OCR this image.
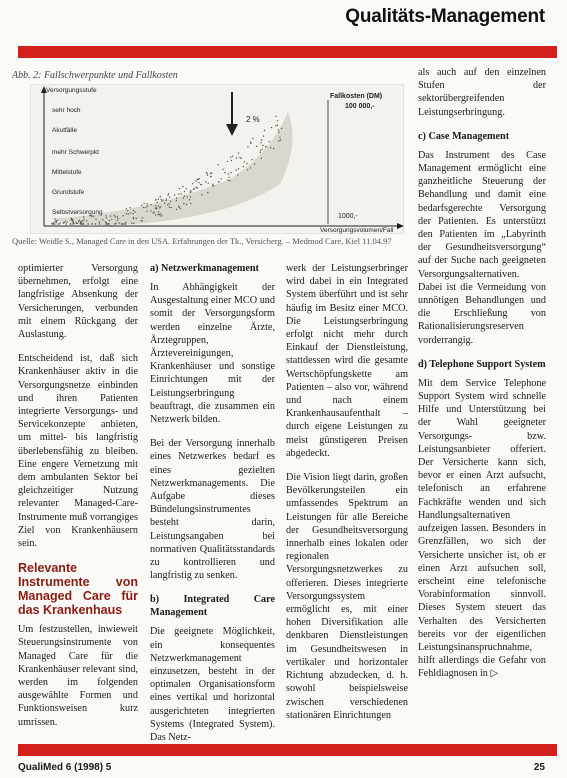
Qualitäts-Management
Abb. 2: Fallschwerpunkte und Fallkosten
Versorgungsstufe
sehr hoch
Akutfälle
mehr Schwerpkt
Mittelstufe
Grundstufe
Selbstversorgung
Fallkosten (DM)
100 000,-
2 %
1000,-
Versorgungsvolumen/Fall
Quelle: Weidle S., Managed Care in den USA. Erfahrungen der Tk., Versicherg. – Medmod Care, Kiel 11.04.97

optimierter Versorgung übernehmen, erfolgt eine langfristige Absenkung der Versicherungen, verbunden mit einem Rückgang der Auslastung.

Entscheidend ist, daß sich Krankenhäuser aktiv in die Versorgungsnetze einbinden und ihren Patienten integrierte Versorgungs- und Servicekonzepte anbieten, um mittel- bis langfristig überlebensfähig zu bleiben. Eine engere Vernetzung mit dem ambulanten Sektor bei gleichzeitiger Nutzung relevanter Managed-Care-Instrumente muß vorrangiges Ziel von Krankenhäusern sein.

Relevante Instrumente von Managed Care für das Krankenhaus

Um festzustellen, inwieweit Steuerungsinstrumente von Managed Care für die Krankenhäuser relevant sind, werden im folgenden ausgewählte Formen und Funktionsweisen kurz umrissen.

a) Netzwerkmanagement

In Abhängigkeit der Ausgestaltung einer MCO und somit der Versorgungsform werden einzelne Ärzte, Ärztegruppen, Ärztevereinigungen, Krankenhäuser und sonstige Einrichtungen mit der Leistungserbringung beauftragt, die zusammen ein Netzwerk bilden.

Bei der Versorgung innerhalb eines Netzwerkes bedarf es eines gezielten Netzwerkmanagements. Die Aufgabe dieses Bündelungsinstrumentes besteht darin, Leistungsangaben bei normativen Qualitätsstandards zu kontrollieren und langfristig zu senken.

b) Integrated Care Management

Die geeignete Möglichkeit, ein konsequentes Netzwerkmanagement einzusetzen, besteht in der optimalen Organisationsform eines vertikal und horizontal ausgerichteten integrierten Systems (Integrated System). Das Netz-

werk der Leistungserbringer wird dabei in ein Integrated System überführt und ist sehr häufig im Besitz einer MCO. Die Leistungserbringung erfolgt nicht mehr durch Einkauf der Dienstleistung, stattdessen wird die gesamte Wertschöpfungskette am Patienten – also vor, während und nach einem Krankenhausaufenthalt – durch eigene Leistungen zu meist günstigeren Preisen abgedeckt.

Die Vision liegt darin, großen Bevölkerungsteilen ein umfassendes Spektrum an Leistungen für alle Bereiche der Gesundheitsversorgung innerhalb eines lokalen oder regionalen Versorgungsnetzwerkes zu offerieren. Dieses integrierte Versorgungssystem ermöglicht es, mit einer hohen Diversifikation alle denkbaren Dienstleistungen im Gesundheitswesen in vertikaler und horizontaler Richtung abzudecken, d. h. sowohl beispielsweise zwischen verschiedenen stationären Einrichtungen

als auch auf den einzelnen Stufen der sektorübergreifenden Leistungserbringung.

c) Case Management

Das Instrument des Case Management ermöglicht eine ganzheitliche Steuerung der Behandlung und damit eine bedarfsgerechte Versorgung der Patienten. Es unterstützt den Patienten im „Labyrinth der Gesundheitsversorgung“ auf der Suche nach geeigneten Versorgungsalternativen. Dabei ist die Vermeidung von unnötigen Behandlungen und die Erschließung von Rationalisierungsreserven vorderrangig.

d) Telephone Support System

Mit dem Service Telephone Support System wird schnelle Hilfe und Unterstützung bei der Wahl geeigneter Versorgungs- bzw. Leistungsanbieter offeriert. Der Versicherte kann sich, bevor er einen Arzt aufsucht, telefonisch an erfahrene Fachkräfte wenden und sich Handlungsalternativen aufzeigen lassen. Besonders in Grenzfällen, wo sich der Versicherte unsicher ist, ob er einen Arzt aufsuchen soll, erscheint eine telefonische Vorabinformation sinnvoll. Dieses System steuert das Verhalten des Versicherten bereits vor der eigentlichen Leistungsinanspruchnahme, hilft allerdings die Gefahr von Fehldiagnosen in ▷

QualiMed 6 (1998) 5	25
